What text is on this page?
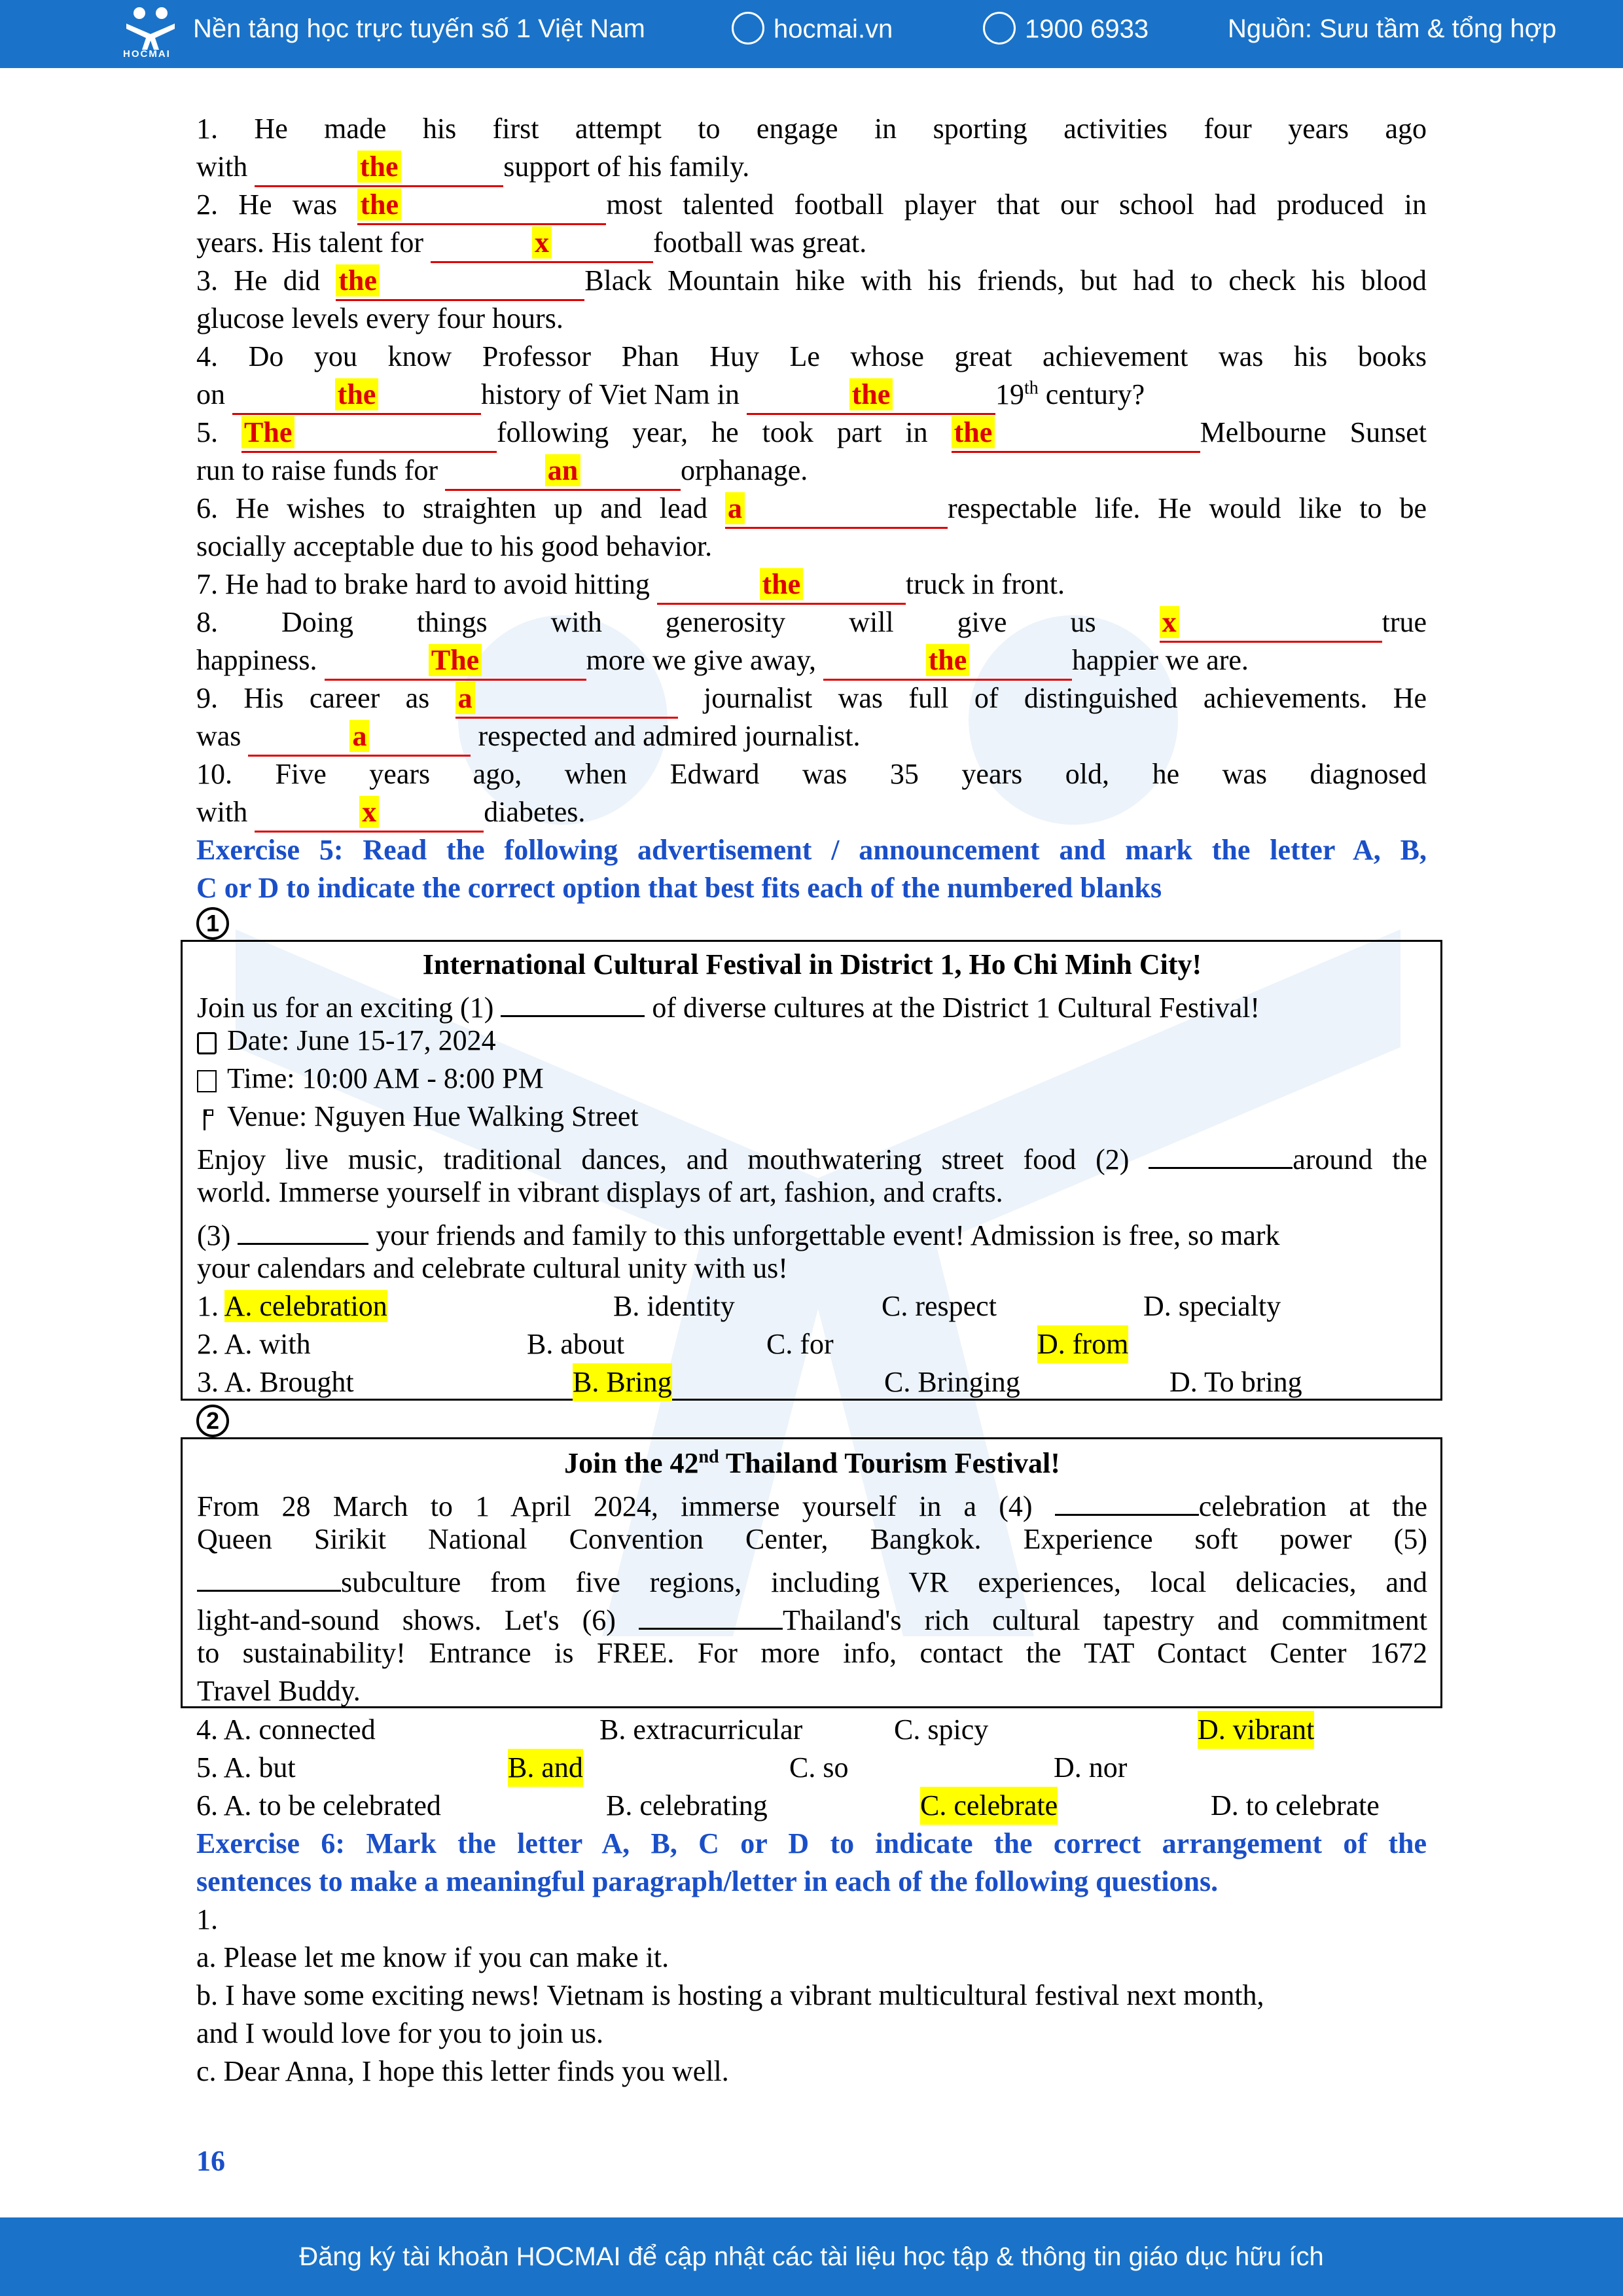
HOCMAI
Nền tảng học trực tuyến số 1 Việt Nam	hocmai.vn	1900 6933	Nguồn: Sưu tầm & tổng hợp
1. He made his first attempt to engage in sporting activities four years ago
with	the	support of his family.
2. He was the	most talented football player that our school had produced in
years. His talent for	x	football was great.
3. He did the	Black Mountain hike with his friends, but had to check his blood
glucose levels every four hours.
4. Do you know Professor Phan Huy Le whose great achievement was his books
on	the	history of Viet Nam in	the	19th century?
5. The	following year, he took part in the	Melbourne Sunset
run to raise funds for	an	orphanage.
6. He wishes to straighten up and lead a	respectable life. He would like to be
socially acceptable due to his good behavior.
7. He had to brake hard to avoid hitting	the	truck in front.
8. Doing things with generosity will give us x	true
happiness.	The	more we give away,	the	happier we are.
9. His career as a	journalist was full of distinguished achievements. He
was	a	respected and admired journalist.
10. Five years ago, when Edward was 35 years old, he was diagnosed
with	x	diabetes.
Exercise 5: Read the following advertisement / announcement and mark the letter A, B,
C or D to indicate the correct option that best fits each of the numbered blanks
1
International Cultural Festival in District 1, Ho Chi Minh City!
Join us for an exciting (1)	of diverse cultures at the District 1 Cultural Festival!
Date: June 15-17, 2024
Time: 10:00 AM - 8:00 PM
Venue: Nguyen Hue Walking Street
Enjoy live music, traditional dances, and mouthwatering street food (2)	around the
world. Immerse yourself in vibrant displays of art, fashion, and crafts.
(3)	your friends and family to this unforgettable event! Admission is free, so mark
your calendars and celebrate cultural unity with us!
1. A. celebration	B. identity	C. respect	D. specialty
2. A. with	B. about	C. for	D. from
3. A. Brought	B. Bring	C. Bringing	D. To bring
2
Join the 42nd Thailand Tourism Festival!
From 28 March to 1 April 2024, immerse yourself in a (4)	celebration at the
Queen Sirikit National Convention Center, Bangkok. Experience soft power (5)
subculture from five regions, including VR experiences, local delicacies, and
light-and-sound shows. Let's (6)	Thailand's rich cultural tapestry and commitment
to sustainability! Entrance is FREE. For more info, contact the TAT Contact Center 1672
Travel Buddy.
4. A. connected	B. extracurricular	C. spicy	D. vibrant
5. A. but	B. and	C. so	D. nor
6. A. to be celebrated	B. celebrating	C. celebrate	D. to celebrate
Exercise 6: Mark the letter A, B, C or D to indicate the correct arrangement of the
sentences to make a meaningful paragraph/letter in each of the following questions.
1.
a. Please let me know if you can make it.
b. I have some exciting news! Vietnam is hosting a vibrant multicultural festival next month,
and I would love for you to join us.
c. Dear Anna, I hope this letter finds you well.
16
Đăng ký tài khoản HOCMAI để cập nhật các tài liệu học tập & thông tin giáo dục hữu ích
